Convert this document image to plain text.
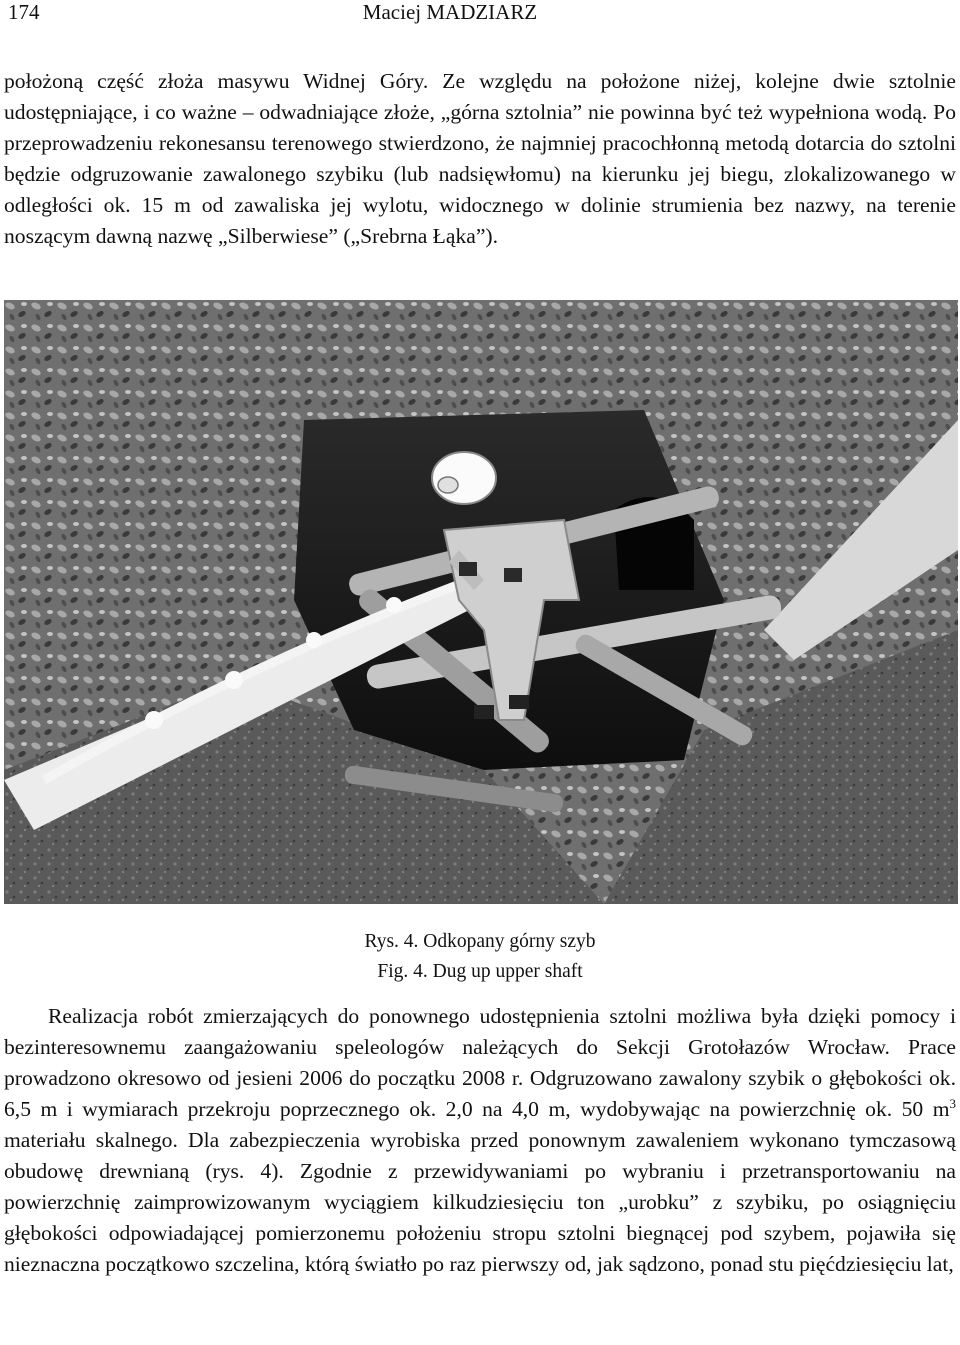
174	Maciej MADZIARZ

położoną część złoża masywu Widnej Góry. Ze względu na położone niżej, kolejne dwie sztolnie udostępniające, i co ważne – odwadniające złoże, „górna sztolnia” nie powinna być też wypełniona wodą. Po przeprowadzeniu rekonesansu terenowego stwierdzono, że najmniej pracochłonną metodą dotarcia do sztolni będzie odgruzowanie zawalonego szybiku (lub nadsięwłomu) na kierunku jej biegu, zlokalizowanego w odległości ok. 15 m od zawaliska jej wylotu, widocznego w dolinie strumienia bez nazwy, na terenie noszącym dawną nazwę „Silberwiese” („Srebrna Łąka”).

Rys. 4. Odkopany górny szyb

Fig. 4. Dug up upper shaft

Realizacja robót zmierzających do ponownego udostępnienia sztolni możliwa była dzięki pomocy i bezinteresownemu zaangażowaniu speleologów należących do Sekcji Grotołazów Wrocław. Prace prowadzono okresowo od jesieni 2006 do początku 2008 r. Odgruzowano zawalony szybik o głębokości ok. 6,5 m i wymiarach przekroju poprzecznego ok. 2,0 na 4,0 m, wydobywając na powierzchnię ok. 50 $m^3$ materiału skalnego. Dla zabezpieczenia wyrobiska przed ponownym zawaleniem wykonano tymczasową obudowę drewnianą (rys. 4). Zgodnie z przewidywaniami po wybraniu i przetransportowaniu na powierzchnię zaimprowizowanym wyciągiem kilkudziesięciu ton „urobku” z szybiku, po osiągnięciu głębokości odpowiadającej pomierzonemu położeniu stropu sztolni biegnącej pod szybem, pojawiła się nieznaczna początkowo szczelina, którą światło po raz pierwszy od, jak sądzono, ponad stu pięćdziesięciu lat,
